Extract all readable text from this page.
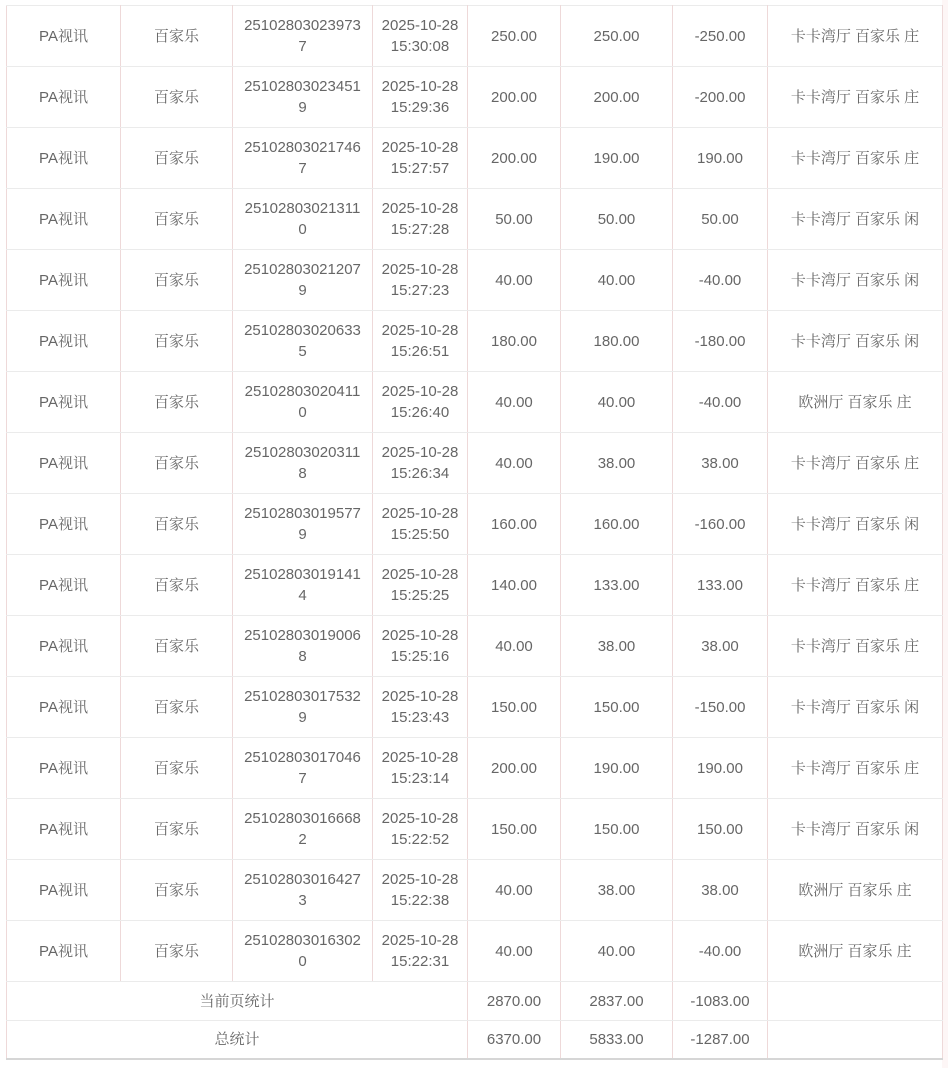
PA视讯	百家乐	251028030239737	2025-10-28 15:30:08	250.00	250.00	-250.00	卡卡湾厅 百家乐 庄
PA视讯	百家乐	251028030234519	2025-10-28 15:29:36	200.00	200.00	-200.00	卡卡湾厅 百家乐 庄
PA视讯	百家乐	251028030217467	2025-10-28 15:27:57	200.00	190.00	190.00	卡卡湾厅 百家乐 庄
PA视讯	百家乐	251028030213110	2025-10-28 15:27:28	50.00	50.00	50.00	卡卡湾厅 百家乐 闲
PA视讯	百家乐	251028030212079	2025-10-28 15:27:23	40.00	40.00	-40.00	卡卡湾厅 百家乐 闲
PA视讯	百家乐	251028030206335	2025-10-28 15:26:51	180.00	180.00	-180.00	卡卡湾厅 百家乐 闲
PA视讯	百家乐	251028030204110	2025-10-28 15:26:40	40.00	40.00	-40.00	欧洲厅 百家乐 庄
PA视讯	百家乐	251028030203118	2025-10-28 15:26:34	40.00	38.00	38.00	卡卡湾厅 百家乐 庄
PA视讯	百家乐	251028030195779	2025-10-28 15:25:50	160.00	160.00	-160.00	卡卡湾厅 百家乐 闲
PA视讯	百家乐	251028030191414	2025-10-28 15:25:25	140.00	133.00	133.00	卡卡湾厅 百家乐 庄
PA视讯	百家乐	251028030190068	2025-10-28 15:25:16	40.00	38.00	38.00	卡卡湾厅 百家乐 庄
PA视讯	百家乐	251028030175329	2025-10-28 15:23:43	150.00	150.00	-150.00	卡卡湾厅 百家乐 闲
PA视讯	百家乐	251028030170467	2025-10-28 15:23:14	200.00	190.00	190.00	卡卡湾厅 百家乐 庄
PA视讯	百家乐	251028030166682	2025-10-28 15:22:52	150.00	150.00	150.00	卡卡湾厅 百家乐 闲
PA视讯	百家乐	251028030164273	2025-10-28 15:22:38	40.00	38.00	38.00	欧洲厅 百家乐 庄
PA视讯	百家乐	251028030163020	2025-10-28 15:22:31	40.00	40.00	-40.00	欧洲厅 百家乐 庄
当前页统计				2870.00	2837.00	-1083.00	
总统计				6370.00	5833.00	-1287.00	
